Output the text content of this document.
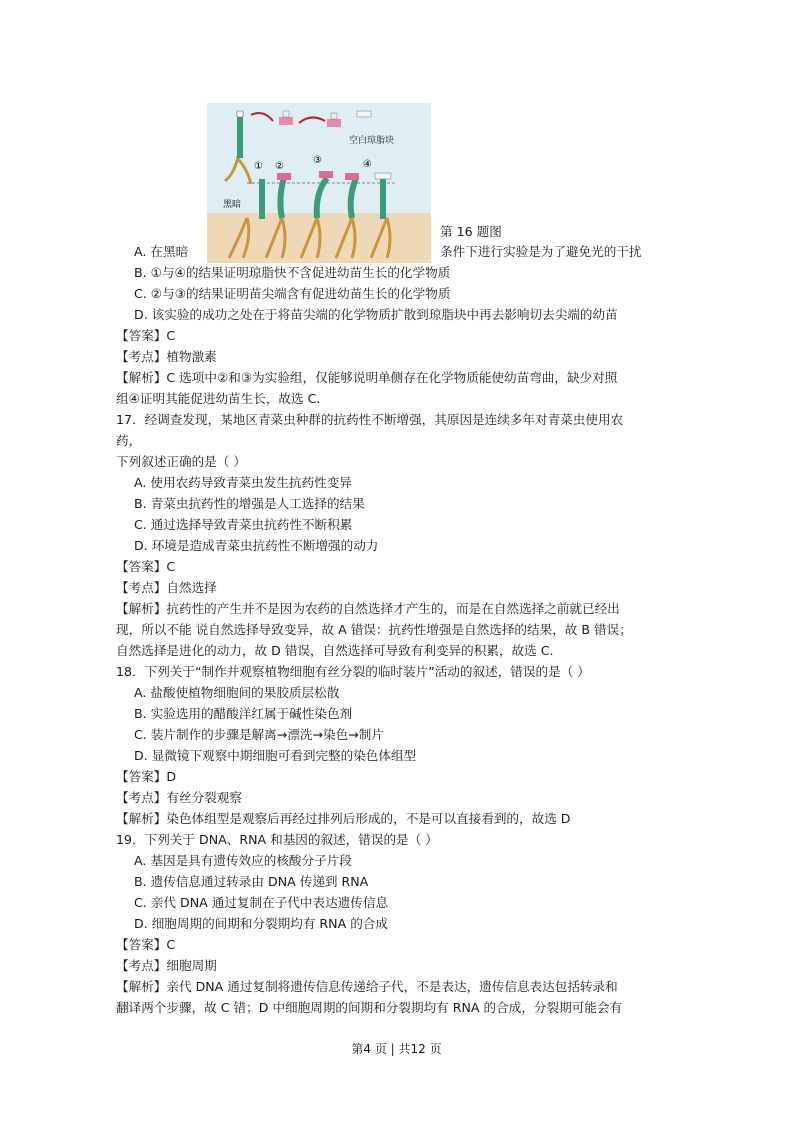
空白琼脂块
① ②
③	④
黑暗
第 16 题图
A. 在黑暗	条件下进行实验是为了避免光的干扰
B. ①与④的结果证明琼脂快不含促进幼苗生长的化学物质
C. ②与③的结果证明苗尖端含有促进幼苗生长的化学物质
D. 该实验的成功之处在于将苗尖端的化学物质扩散到琼脂块中再去影响切去尖端的幼苗
【答案】C
【考点】植物激素
【解析】C 选项中②和③为实验组，仅能够说明单侧存在化学物质能使幼苗弯曲，缺少对照
组④证明其能促进幼苗生长，故选 C.
17．经调查发现，某地区青菜虫种群的抗药性不断增强，其原因是连续多年对青菜虫使用农
药，
下列叙述正确的是（ ）
A. 使用农药导致青菜虫发生抗药性变异
B. 青菜虫抗药性的增强是人工选择的结果
C. 通过选择导致青菜虫抗药性不断积累
D. 环境是造成青菜虫抗药性不断增强的动力
【答案】C
【考点】自然选择
【解析】抗药性的产生并不是因为农药的自然选择才产生的，而是在自然选择之前就已经出
现，所以不能 说自然选择导致变异，故 A 错误：抗药性增强是自然选择的结果，故 B 错误；
自然选择是进化的动力，故 D 错误，自然选择可导致有利变异的积累，故选 C.
18．下列关于“制作并观察植物细胞有丝分裂的临时装片”活动的叙述，错误的是（ ）
A. 盐酸使植物细胞间的果胶质层松散
B. 实验选用的醋酸洋红属于碱性染色剂
C. 装片制作的步骤是解离→漂洗→染色→制片
D. 显微镜下观察中期细胞可看到完整的染色体组型
【答案】D
【考点】有丝分裂观察
【解析】染色体组型是观察后再经过排列后形成的，不是可以直接看到的，故选 D
19．下列关于 DNA、RNA 和基因的叙述，错误的是（ ）
A. 基因是具有遗传效应的核酸分子片段
B. 遗传信息通过转录由 DNA 传递到 RNA
C. 亲代 DNA 通过复制在子代中表达遗传信息
D. 细胞周期的间期和分裂期均有 RNA 的合成
【答案】C
【考点】细胞周期
【解析】亲代 DNA 通过复制将遗传信息传递给子代，不是表达，遗传信息表达包括转录和
翻译两个步骤，故 C 错；D 中细胞周期的间期和分裂期均有 RNA 的合成，分裂期可能会有
第4 页 | 共12 页
